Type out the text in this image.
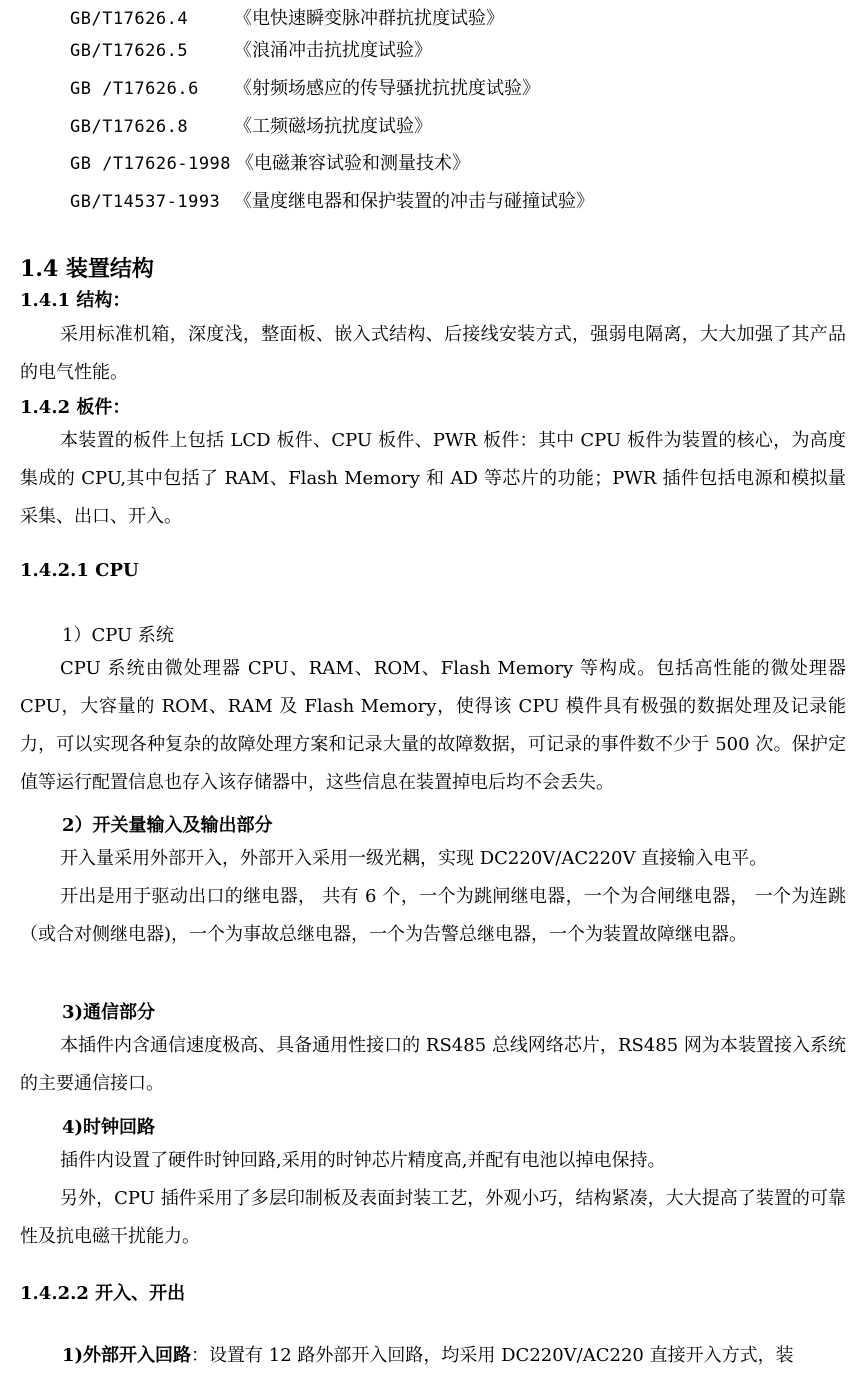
GB/T17626.4	《电快速瞬变脉冲群抗扰度试验》
GB/T17626.5	《浪涌冲击抗扰度试验》
GB /T17626.6	《射频场感应的传导骚扰抗扰度试验》
GB/T17626.8	《工频磁场抗扰度试验》
GB /T17626-1998 《电磁兼容试验和测量技术》
GB/T14537-1993 《量度继电器和保护装置的冲击与碰撞试验》
1.4 装置结构
1.4.1 结构：
采用标准机箱，深度浅，整面板、嵌入式结构、后接线安装方式，强弱电隔离，大大加强了其产品的电气性能。
1.4.2 板件：
本装置的板件上包括 LCD 板件、CPU 板件、PWR 板件：其中 CPU 板件为装置的核心，为高度集成的 CPU,其中包括了 RAM、Flash Memory 和 AD 等芯片的功能；PWR 插件包括电源和模拟量采集、出口、开入。
1.4.2.1 CPU
1）CPU 系统
CPU 系统由微处理器 CPU、RAM、ROM、Flash Memory 等构成。包括高性能的微处理器 CPU，大容量的 ROM、RAM 及 Flash Memory，使得该 CPU 模件具有极强的数据处理及记录能力，可以实现各种复杂的故障处理方案和记录大量的故障数据，可记录的事件数不少于 500 次。保护定值等运行配置信息也存入该存储器中，这些信息在装置掉电后均不会丢失。
2）开关量输入及输出部分
开入量采用外部开入，外部开入采用一级光耦，实现 DC220V/AC220V 直接输入电平。
开出是用于驱动出口的继电器， 共有 6 个，一个为跳闸继电器，一个为合闸继电器， 一个为连跳（或合对侧继电器)，一个为事故总继电器，一个为告警总继电器，一个为装置故障继电器。
3)通信部分
本插件内含通信速度极高、具备通用性接口的 RS485 总线网络芯片，RS485 网为本装置接入系统的主要通信接口。
4)时钟回路
插件内设置了硬件时钟回路,采用的时钟芯片精度高,并配有电池以掉电保持。
另外，CPU 插件采用了多层印制板及表面封装工艺，外观小巧，结构紧凑，大大提高了装置的可靠性及抗电磁干扰能力。
1.4.2.2 开入、开出
1)外部开入回路：设置有 12 路外部开入回路，均采用 DC220V/AC220 直接开入方式，装
